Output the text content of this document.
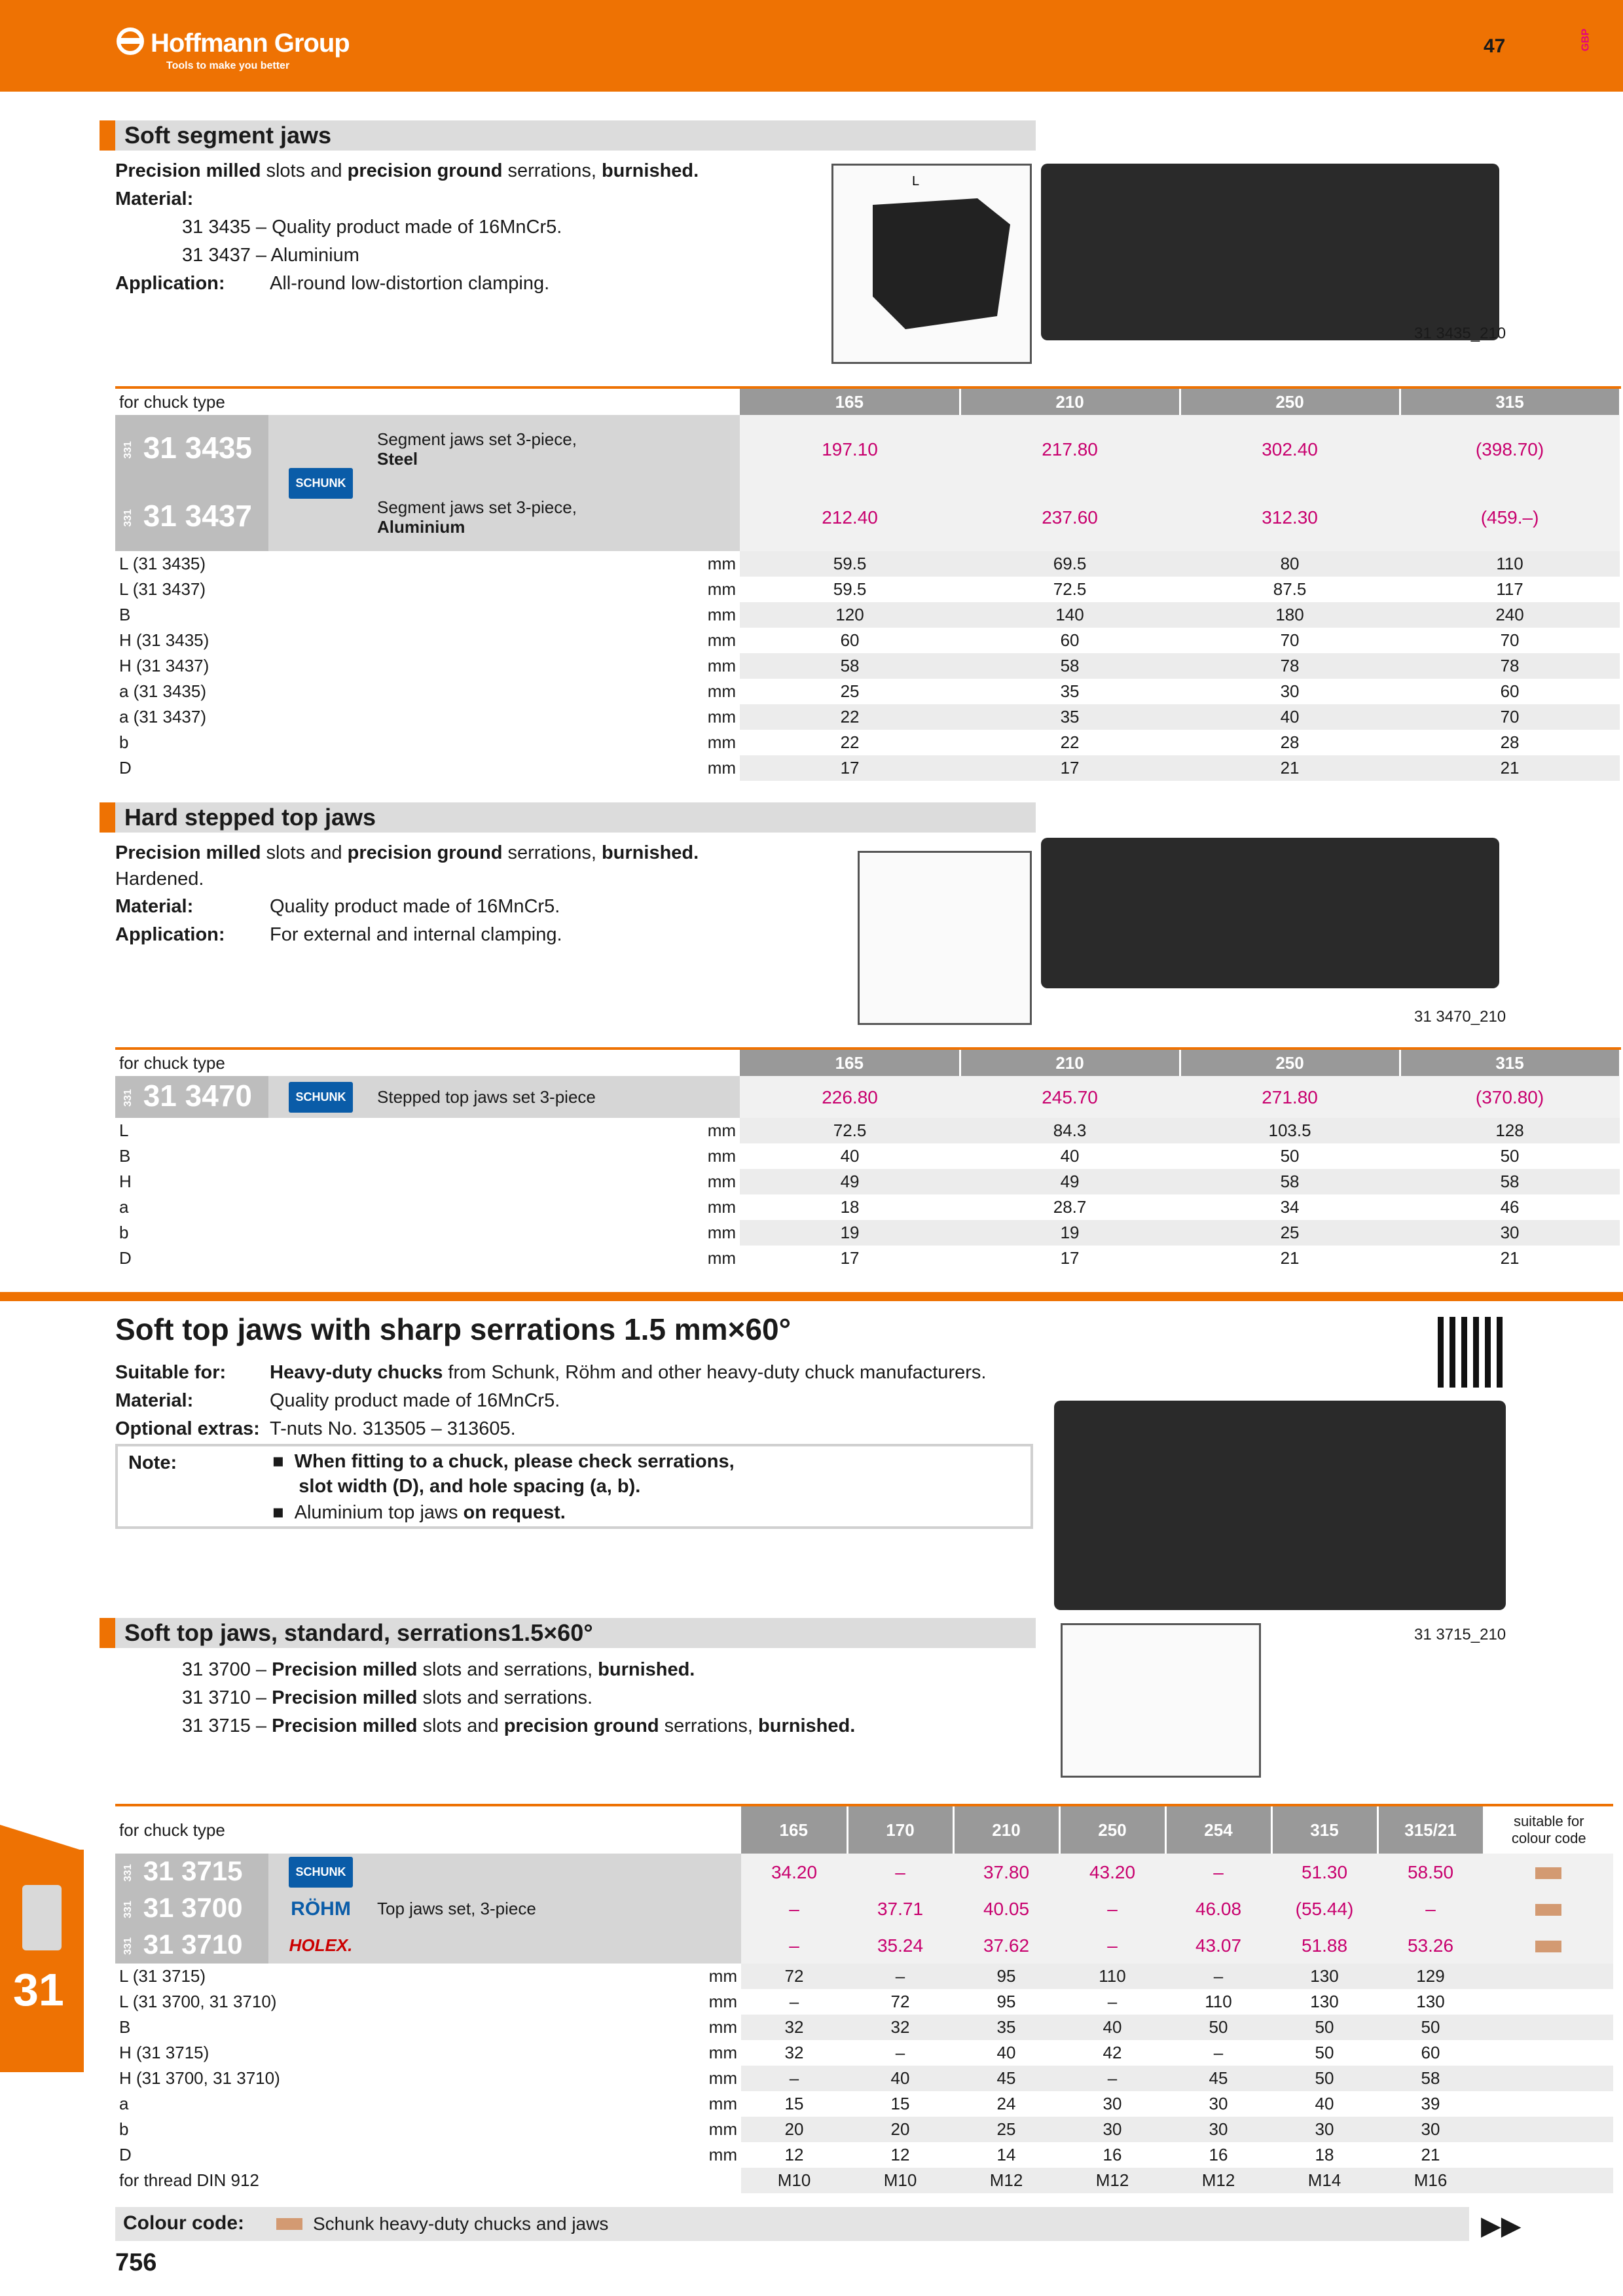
Hoffmann Group
Tools to make you better
47	GBP
Soft segment jaws
Precision milled slots and precision ground serrations, burnished.
Material:
31 3435 – Quality product made of 16MnCr5.
31 3437 – Aluminium
Application: All-round low-distortion clamping.
L
31 3435_210
for chuck type				165	210	250	315
331 31 3435	SCHUNK	Segment jaws set 3-piece,
Steel		197.10	217.80	302.40	(398.70)
331 31 3437		Segment jaws set 3-piece,
Aluminium		212.40	237.60	312.30	(459.–)
L (31 3435)			mm	59.5	69.5	80	110
L (31 3437)			mm	59.5	72.5	87.5	117
B			mm	120	140	180	240
H (31 3435)			mm	60	60	70	70
H (31 3437)			mm	58	58	78	78
a (31 3435)			mm	25	35	30	60
a (31 3437)			mm	22	35	40	70
b			mm	22	22	28	28
D			mm	17	17	21	21
Hard stepped top jaws
Precision milled slots and precision ground serrations, burnished.
Hardened.
Material:	Quality product made of 16MnCr5.
Application: For external and internal clamping.
31 3470_210
for chuck type				165	210	250	315
331 31 3470	SCHUNK	Stepped top jaws set 3-piece		226.80	245.70	271.80	(370.80)
L			mm	72.5	84.3	103.5	128
B			mm	40	40	50	50
H			mm	49	49	58	58
a			mm	18	28.7	34	46
b			mm	19	19	25	30
D			mm	17	17	21	21
Soft top jaws with sharp serrations 1.5 mm×60°
Suitable for: Heavy-duty chucks from Schunk, Röhm and other heavy-duty chuck manufacturers.
Material:	Quality product made of 16MnCr5.
Optional extras: T-nuts No. 313505 – 313605.
Note:	■  When fitting to a chuck, please check serrations,
slot width (D), and hole spacing (a, b).
■  Aluminium top jaws on request.
31 3715_210
Soft top jaws, standard, serrations1.5×60°
31 3700 – Precision milled slots and serrations, burnished.
31 3710 – Precision milled slots and serrations.
31 3715 – Precision milled slots and precision ground serrations, burnished.
for chuck type			165	170	210	250	254	315	315/21	suitable for
colour code
331 31 3715	SCHUNK	Top jaws set, 3-piece	34.20	–	37.80	43.20	–	51.30	58.50	
331 31 3700	RÖHM		–	37.71	40.05	–	46.08	(55.44)	–	
331 31 3710	HOLEX.		–	35.24	37.62	–	43.07	51.88	53.26	
L (31 3715)		mm	72	–	95	110	–	130	129	
L (31 3700, 31 3710)		mm	–	72	95	–	110	130	130	
B		mm	32	32	35	40	50	50	50	
H (31 3715)		mm	32	–	40	42	–	50	60	
H (31 3700, 31 3710)		mm	–	40	45	–	45	50	58	
a		mm	15	15	24	30	30	40	39	
b		mm	20	20	25	30	30	30	30	
D		mm	12	12	14	16	16	18	21	
for thread DIN 912			M10	M10	M12	M12	M12	M14	M16	
Colour code:	Schunk heavy-duty chucks and jaws	▶▶
756
31
